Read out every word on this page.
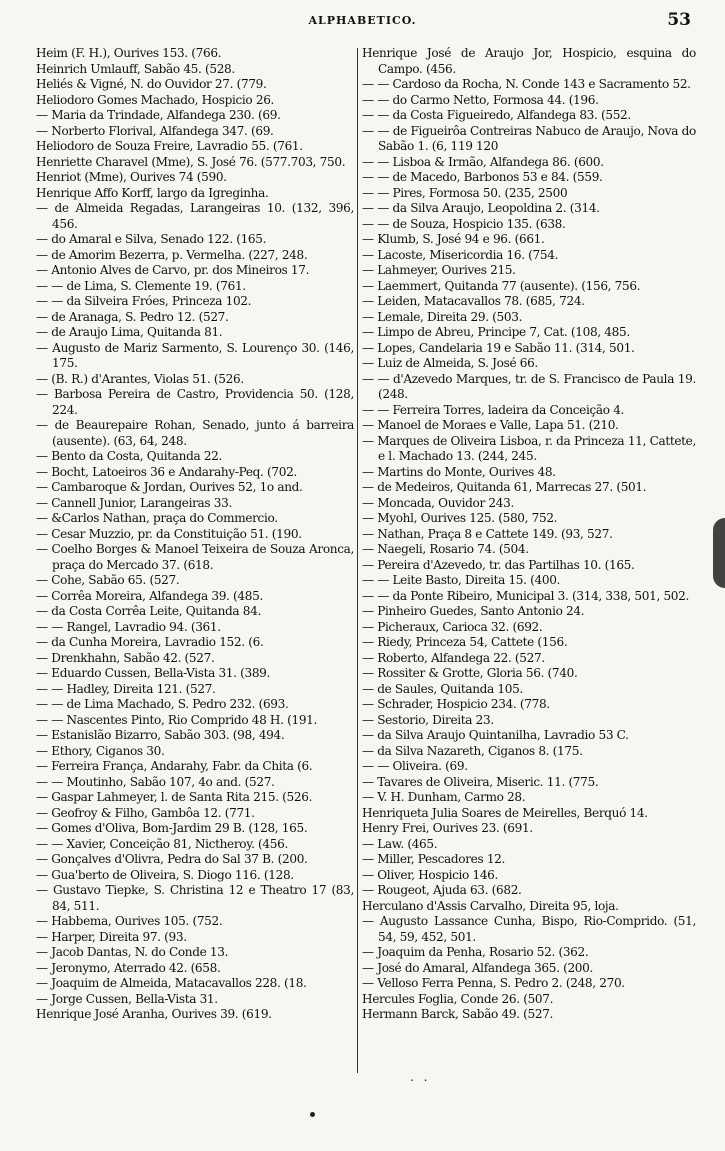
ALPHABETICO.	53

Heim (F. H.), Ourives 153. (766.

Heinrich Umlauff, Sabão 45. (528.

Heliés & Vigné, N. do Ouvidor 27. (779.

Heliodoro Gomes Machado, Hospicio 26.

— Maria da Trindade, Alfandega 230. (69.

— Norberto Florival, Alfandega 347. (69.

Heliodoro de Souza Freire, Lavradio 55. (761.

Henriette Charavel (Mme), S. José 76. (577.703, 750.

Henriot (Mme), Ourives 74 (590.

Henrique Affo Korff, largo da Igreginha.

— de Almeida Regadas, Larangeiras 10. (132, 396, 456.

— do Amaral e Silva, Senado 122. (165.

— de Amorim Bezerra, p. Vermelha. (227, 248.

— Antonio Alves de Carvo, pr. dos Mineiros 17.

— — de Lima, S. Clemente 19. (761.

— — da Silveira Fróes, Princeza 102.

— de Aranaga, S. Pedro 12. (527.

— de Araujo Lima, Quitanda 81.

— Augusto de Mariz Sarmento, S. Lourenço 30. (146, 175.

— (B. R.) d'Arantes, Violas 51. (526.

— Barbosa Pereira de Castro, Providencia 50. (128, 224.

— de Beaurepaire Rohan, Senado, junto á barreira (ausente). (63, 64, 248.

— Bento da Costa, Quitanda 22.

— Bocht, Latoeiros 36 e Andarahy-Peq. (702.

— Cambaroque & Jordan, Ourives 52, 1o and.

— Cannell Junior, Larangeiras 33.

— &Carlos Nathan, praça do Commercio.

— Cesar Muzzio, pr. da Constituição 51. (190.

— Coelho Borges & Manoel Teixeira de Souza Aronca, praça do Mercado 37. (618.

— Cohe, Sabão 65. (527.

— Corrêa Moreira, Alfandega 39. (485.

— da Costa Corrêa Leite, Quitanda 84.

— — Rangel, Lavradio 94. (361.

— da Cunha Moreira, Lavradio 152. (6.

— Drenkhahn, Sabão 42. (527.

— Eduardo Cussen, Bella-Vista 31. (389.

— — Hadley, Direita 121. (527.

— — de Lima Machado, S. Pedro 232. (693.

— — Nascentes Pinto, Rio Comprido 48 H. (191.

— Estanislão Bizarro, Sabão 303. (98, 494.

— Ethory, Ciganos 30.

— Ferreira França, Andarahy, Fabr. da Chita (6.

— — Moutinho, Sabão 107, 4o and. (527.

— Gaspar Lahmeyer, l. de Santa Rita 215. (526.

— Geofroy & Filho, Gambôa 12. (771.

— Gomes d'Oliva, Bom-Jardim 29 B. (128, 165.

— — Xavier, Conceição 81, Nictheroy. (456.

— Gonçalves d'Olivra, Pedra do Sal 37 B. (200.

— Gua'berto de Oliveira, S. Diogo 116. (128.

— Gustavo Tiepke, S. Christina 12 e Theatro 17 (83, 84, 511.

— Habbema, Ourives 105. (752.

— Harper, Direita 97. (93.

— Jacob Dantas, N. do Conde 13.

— Jeronymo, Aterrado 42. (658.

— Joaquim de Almeida, Matacavallos 228. (18.

— Jorge Cussen, Bella-Vista 31.

Henrique José Aranha, Ourives 39. (619.

Henrique José de Araujo Jor, Hospicio, esquina do Campo. (456.

— — Cardoso da Rocha, N. Conde 143 e Sacramento 52.

— — do Carmo Netto, Formosa 44. (196.

— — da Costa Figueiredo, Alfandega 83. (552.

— — de Figueirôa Contreiras Nabuco de Araujo, Nova do Sabão 1. (6, 119 120

— — Lisboa & Irmão, Alfandega 86. (600.

— — de Macedo, Barbonos 53 e 84. (559.

— — Pires, Formosa 50. (235, 2500

— — da Silva Araujo, Leopoldina 2. (314.

— — de Souza, Hospicio 135. (638.

— Klumb, S. José 94 e 96. (661.

— Lacoste, Misericordia 16. (754.

— Lahmeyer, Ourives 215.

— Laemmert, Quitanda 77 (ausente). (156, 756.

— Leiden, Matacavallos 78. (685, 724.

— Lemale, Direita 29. (503.

— Limpo de Abreu, Principe 7, Cat. (108, 485.

— Lopes, Candelaria 19 e Sabão 11. (314, 501.

— Luiz de Almeida, S. José 66.

— — d'Azevedo Marques, tr. de S. Francisco de Paula 19. (248.

— — Ferreira Torres, ladeira da Conceição 4.

— Manoel de Moraes e Valle, Lapa 51. (210.

— Marques de Oliveira Lisboa, r. da Princeza 11, Cattete, e l. Machado 13. (244, 245.

— Martins do Monte, Ourives 48.

— de Medeiros, Quitanda 61, Marrecas 27. (501.

— Moncada, Ouvidor 243.

— Myohl, Ourives 125. (580, 752.

— Nathan, Praça 8 e Cattete 149. (93, 527.

— Naegeli, Rosario 74. (504.

— Pereira d'Azevedo, tr. das Partilhas 10. (165.

— — Leite Basto, Direita 15. (400.

— — da Ponte Ribeiro, Municipal 3. (314, 338, 501, 502.

— Pinheiro Guedes, Santo Antonio 24.

— Picheraux, Carioca 32. (692.

— Riedy, Princeza 54, Cattete (156.

— Roberto, Alfandega 22. (527.

— Rossiter & Grotte, Gloria 56. (740.

— de Saules, Quitanda 105.

— Schrader, Hospicio 234. (778.

— Sestorio, Direita 23.

— da Silva Araujo Quintanilha, Lavradio 53 C.

— da Silva Nazareth, Ciganos 8. (175.

— — Oliveira. (69.

— Tavares de Oliveira, Miseric. 11. (775.

— V. H. Dunham, Carmo 28.

Henriqueta Julia Soares de Meirelles, Berquó 14.

Henry Frei, Ourives 23. (691.

— Law. (465.

— Miller, Pescadores 12.

— Oliver, Hospicio 146.

— Rougeot, Ajuda 63. (682.

Herculano d'Assis Carvalho, Direita 95, loja.

— Augusto Lassance Cunha, Bispo, Rio-Comprido. (51, 54, 59, 452, 501.

— Joaquim da Penha, Rosario 52. (362.

— José do Amaral, Alfandega 365. (200.

— Velloso Ferra Penna, S. Pedro 2. (248, 270.

Hercules Foglia, Conde 26. (507.

Hermann Barck, Sabão 49. (527.

. .
